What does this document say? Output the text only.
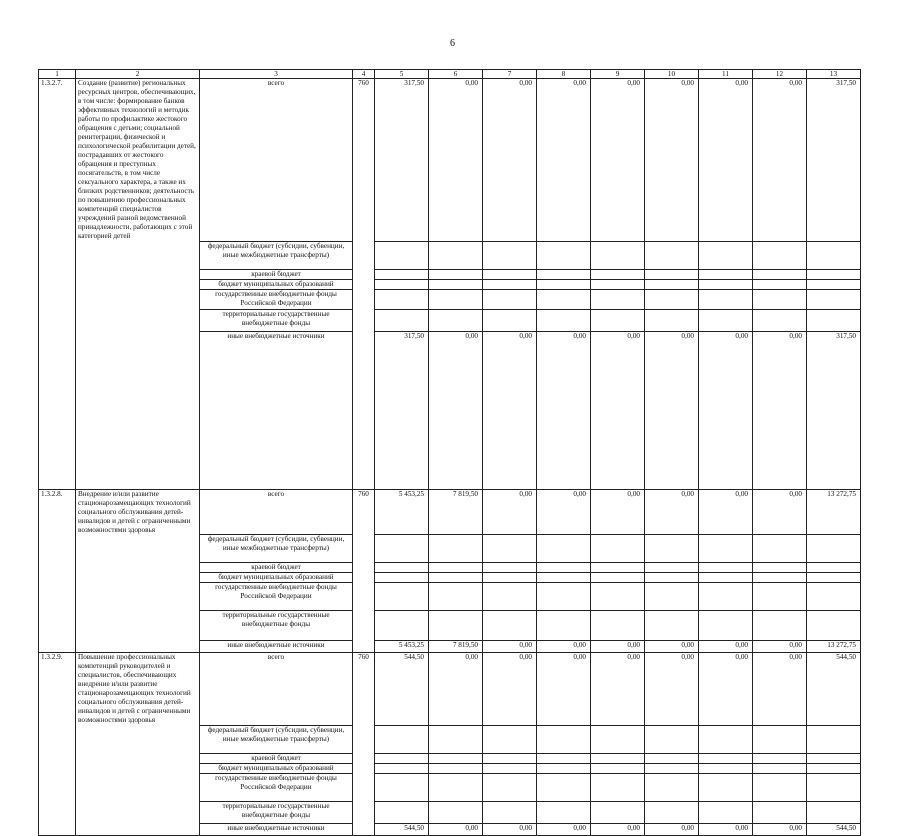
6
1	2	3	4	5	6	7	8	9	10	11	12	13
1.3.2.7.	Создание (развитие) региональных ресурсных центров, обеспечивающих, в том числе: формирование банков эффективных технологий и методик работы по профилактике жестокого обращения с детьми; социальной реинтеграции, физической и психологической реабилитации детей, пострадавших от жестокого обращения и преступных посягательств, в том числе сексуального характера, а также их близких родственников; деятельность по повышению профессиональных компетенций специалистов учреждений разной ведомственной принадлежности, работающих с этой категорией детей	всего	760	317,50	0,00	0,00	0,00	0,00	0,00	0,00	0,00	317,50
		федеральный бюджет (субсидии, субвенции, иные межбюджетные трансферты)										
		краевой бюджет										
		бюджет муниципальных образований										
		государственные внебюджетные фонды Российской Федерации										
		территориальные государственные внебюджетные фонды										
		иные внебюджетные источники		317,50	0,00	0,00	0,00	0,00	0,00	0,00	0,00	317,50
1.3.2.8.	Внедрение и/или развитие стационарозамещающих технологий социального обслуживания детей-инвалидов и детей с ограниченными возможностями здоровья	всего	760	5 453,25	7 819,50	0,00	0,00	0,00	0,00	0,00	0,00	13 272,75
		федеральный бюджет (субсидии, субвенции, иные межбюджетные трансферты)										
		краевой бюджет										
		бюджет муниципальных образований										
		государственные внебюджетные фонды Российской Федерации										
		территориальные государственные внебюджетные фонды										
		иные внебюджетные источники		5 453,25	7 819,50	0,00	0,00	0,00	0,00	0,00	0,00	13 272,75
1.3.2.9.	Повышение профессиональных компетенций руководителей и специалистов, обеспечивающих внедрение и/или развитие стационарозамещающих технологий социального обслуживания детей-инвалидов и детей с ограниченными возможностями здоровья	всего	760	544,50	0,00	0,00	0,00	0,00	0,00	0,00	0,00	544,50
		федеральный бюджет (субсидии, субвенции, иные межбюджетные трансферты)										
		краевой бюджет										
		бюджет муниципальных образований										
		государственные внебюджетные фонды Российской Федерации										
		территориальные государственные внебюджетные фонды										
		иные внебюджетные источники		544,50	0,00	0,00	0,00	0,00	0,00	0,00	0,00	544,50
